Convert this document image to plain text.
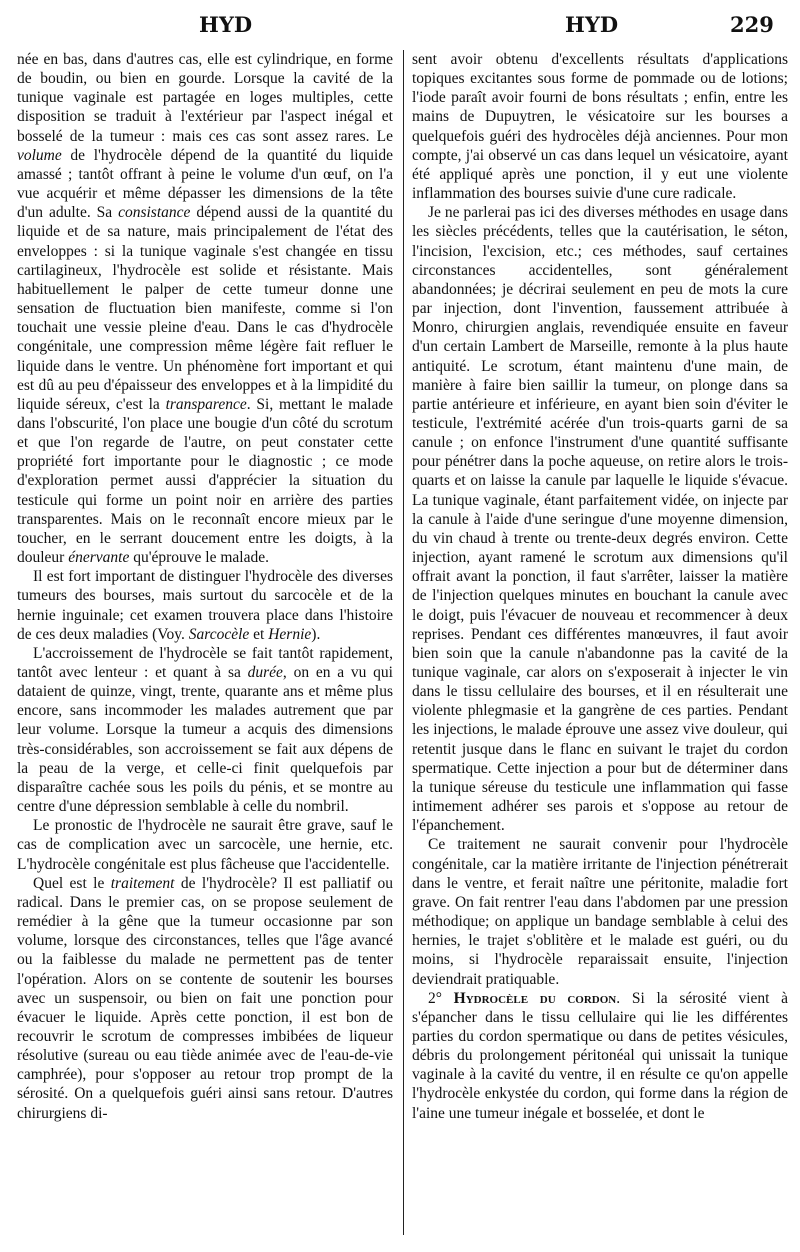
HYD	HYD	229

née en bas, dans d'autres cas, elle est cylindrique, en forme de boudin, ou bien en gourde. Lorsque la cavité de la tunique vaginale est partagée en loges multiples, cette disposition se traduit à l'extérieur par l'aspect inégal et bosselé de la tumeur : mais ces cas sont assez rares. Le volume de l'hydrocèle dépend de la quantité du liquide amassé ; tantôt offrant à peine le volume d'un œuf, on l'a vue acquérir et même dépasser les dimensions de la tête d'un adulte. Sa consistance dépend aussi de la quantité du liquide et de sa nature, mais principalement de l'état des enveloppes : si la tunique vaginale s'est changée en tissu cartilagineux, l'hydrocèle est solide et résistante. Mais habituellement le palper de cette tumeur donne une sensation de fluctuation bien manifeste, comme si l'on touchait une vessie pleine d'eau. Dans le cas d'hydrocèle congénitale, une compression même légère fait refluer le liquide dans le ventre. Un phénomène fort important et qui est dû au peu d'épaisseur des enveloppes et à la limpidité du liquide séreux, c'est la transparence. Si, mettant le malade dans l'obscurité, l'on place une bougie d'un côté du scrotum et que l'on regarde de l'autre, on peut constater cette propriété fort importante pour le diagnostic ; ce mode d'exploration permet aussi d'apprécier la situation du testicule qui forme un point noir en arrière des parties transparentes. Mais on le reconnaît encore mieux par le toucher, en le serrant doucement entre les doigts, à la douleur énervante qu'éprouve le malade.

Il est fort important de distinguer l'hydrocèle des diverses tumeurs des bourses, mais surtout du sarcocèle et de la hernie inguinale; cet examen trouvera place dans l'histoire de ces deux maladies (Voy. Sarcocèle et Hernie).

L'accroissement de l'hydrocèle se fait tantôt rapidement, tantôt avec lenteur : et quant à sa durée, on en a vu qui dataient de quinze, vingt, trente, quarante ans et même plus encore, sans incommoder les malades autrement que par leur volume. Lorsque la tumeur a acquis des dimensions très-considérables, son accroissement se fait aux dépens de la peau de la verge, et celle-ci finit quelquefois par disparaître cachée sous les poils du pénis, et se montre au centre d'une dépression semblable à celle du nombril.

Le pronostic de l'hydrocèle ne saurait être grave, sauf le cas de complication avec un sarcocèle, une hernie, etc. L'hydrocèle congénitale est plus fâcheuse que l'accidentelle.

Quel est le traitement de l'hydrocèle? Il est palliatif ou radical. Dans le premier cas, on se propose seulement de remédier à la gêne que la tumeur occasionne par son volume, lorsque des circonstances, telles que l'âge avancé ou la faiblesse du malade ne permettent pas de tenter l'opération. Alors on se contente de soutenir les bourses avec un suspensoir, ou bien on fait une ponction pour évacuer le liquide. Après cette ponction, il est bon de recouvrir le scrotum de compresses imbibées de liqueur résolutive (sureau ou eau tiède animée avec de l'eau-de-vie camphrée), pour s'opposer au retour trop prompt de la sérosité. On a quelquefois guéri ainsi sans retour. D'autres chirurgiens di-

sent avoir obtenu d'excellents résultats d'applications topiques excitantes sous forme de pommade ou de lotions; l'iode paraît avoir fourni de bons résultats ; enfin, entre les mains de Dupuytren, le vésicatoire sur les bourses a quelquefois guéri des hydrocèles déjà anciennes. Pour mon compte, j'ai observé un cas dans lequel un vésicatoire, ayant été appliqué après une ponction, il y eut une violente inflammation des bourses suivie d'une cure radicale.

Je ne parlerai pas ici des diverses méthodes en usage dans les siècles précédents, telles que la cautérisation, le séton, l'incision, l'excision, etc.; ces méthodes, sauf certaines circonstances accidentelles, sont généralement abandonnées; je décrirai seulement en peu de mots la cure par injection, dont l'invention, faussement attribuée à Monro, chirurgien anglais, revendiquée ensuite en faveur d'un certain Lambert de Marseille, remonte à la plus haute antiquité. Le scrotum, étant maintenu d'une main, de manière à faire bien saillir la tumeur, on plonge dans sa partie antérieure et inférieure, en ayant bien soin d'éviter le testicule, l'extrémité acérée d'un trois-quarts garni de sa canule ; on enfonce l'instrument d'une quantité suffisante pour pénétrer dans la poche aqueuse, on retire alors le trois-quarts et on laisse la canule par laquelle le liquide s'évacue. La tunique vaginale, étant parfaitement vidée, on injecte par la canule à l'aide d'une seringue d'une moyenne dimension, du vin chaud à trente ou trente-deux degrés environ. Cette injection, ayant ramené le scrotum aux dimensions qu'il offrait avant la ponction, il faut s'arrêter, laisser la matière de l'injection quelques minutes en bouchant la canule avec le doigt, puis l'évacuer de nouveau et recommencer à deux reprises. Pendant ces différentes manœuvres, il faut avoir bien soin que la canule n'abandonne pas la cavité de la tunique vaginale, car alors on s'exposerait à injecter le vin dans le tissu cellulaire des bourses, et il en résulterait une violente phlegmasie et la gangrène de ces parties. Pendant les injections, le malade éprouve une assez vive douleur, qui retentit jusque dans le flanc en suivant le trajet du cordon spermatique. Cette injection a pour but de déterminer dans la tunique séreuse du testicule une inflammation qui fasse intimement adhérer ses parois et s'oppose au retour de l'épanchement.

Ce traitement ne saurait convenir pour l'hydrocèle congénitale, car la matière irritante de l'injection pénétrerait dans le ventre, et ferait naître une péritonite, maladie fort grave. On fait rentrer l'eau dans l'abdomen par une pression méthodique; on applique un bandage semblable à celui des hernies, le trajet s'oblitère et le malade est guéri, ou du moins, si l'hydrocèle reparaissait ensuite, l'injection deviendrait pratiquable.

2° Hydrocèle du cordon. Si la sérosité vient à s'épancher dans le tissu cellulaire qui lie les différentes parties du cordon spermatique ou dans de petites vésicules, débris du prolongement péritonéal qui unissait la tunique vaginale à la cavité du ventre, il en résulte ce qu'on appelle l'hydrocèle enkystée du cordon, qui forme dans la région de l'aine une tumeur inégale et bosselée, et dont le
